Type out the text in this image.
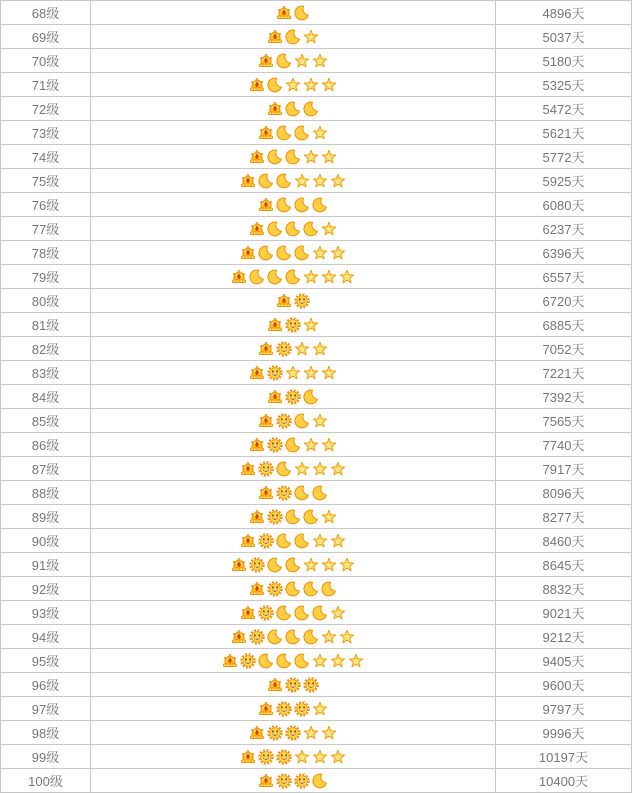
68级		4896天
69级		5037天
70级		5180天
71级		5325天
72级		5472天
73级		5621天
74级		5772天
75级		5925天
76级		6080天
77级		6237天
78级		6396天
79级		6557天
80级		6720天
81级		6885天
82级		7052天
83级		7221天
84级		7392天
85级		7565天
86级		7740天
87级		7917天
88级		8096天
89级		8277天
90级		8460天
91级		8645天
92级		8832天
93级		9021天
94级		9212天
95级		9405天
96级		9600天
97级		9797天
98级		9996天
99级		10197天
100级		10400天
